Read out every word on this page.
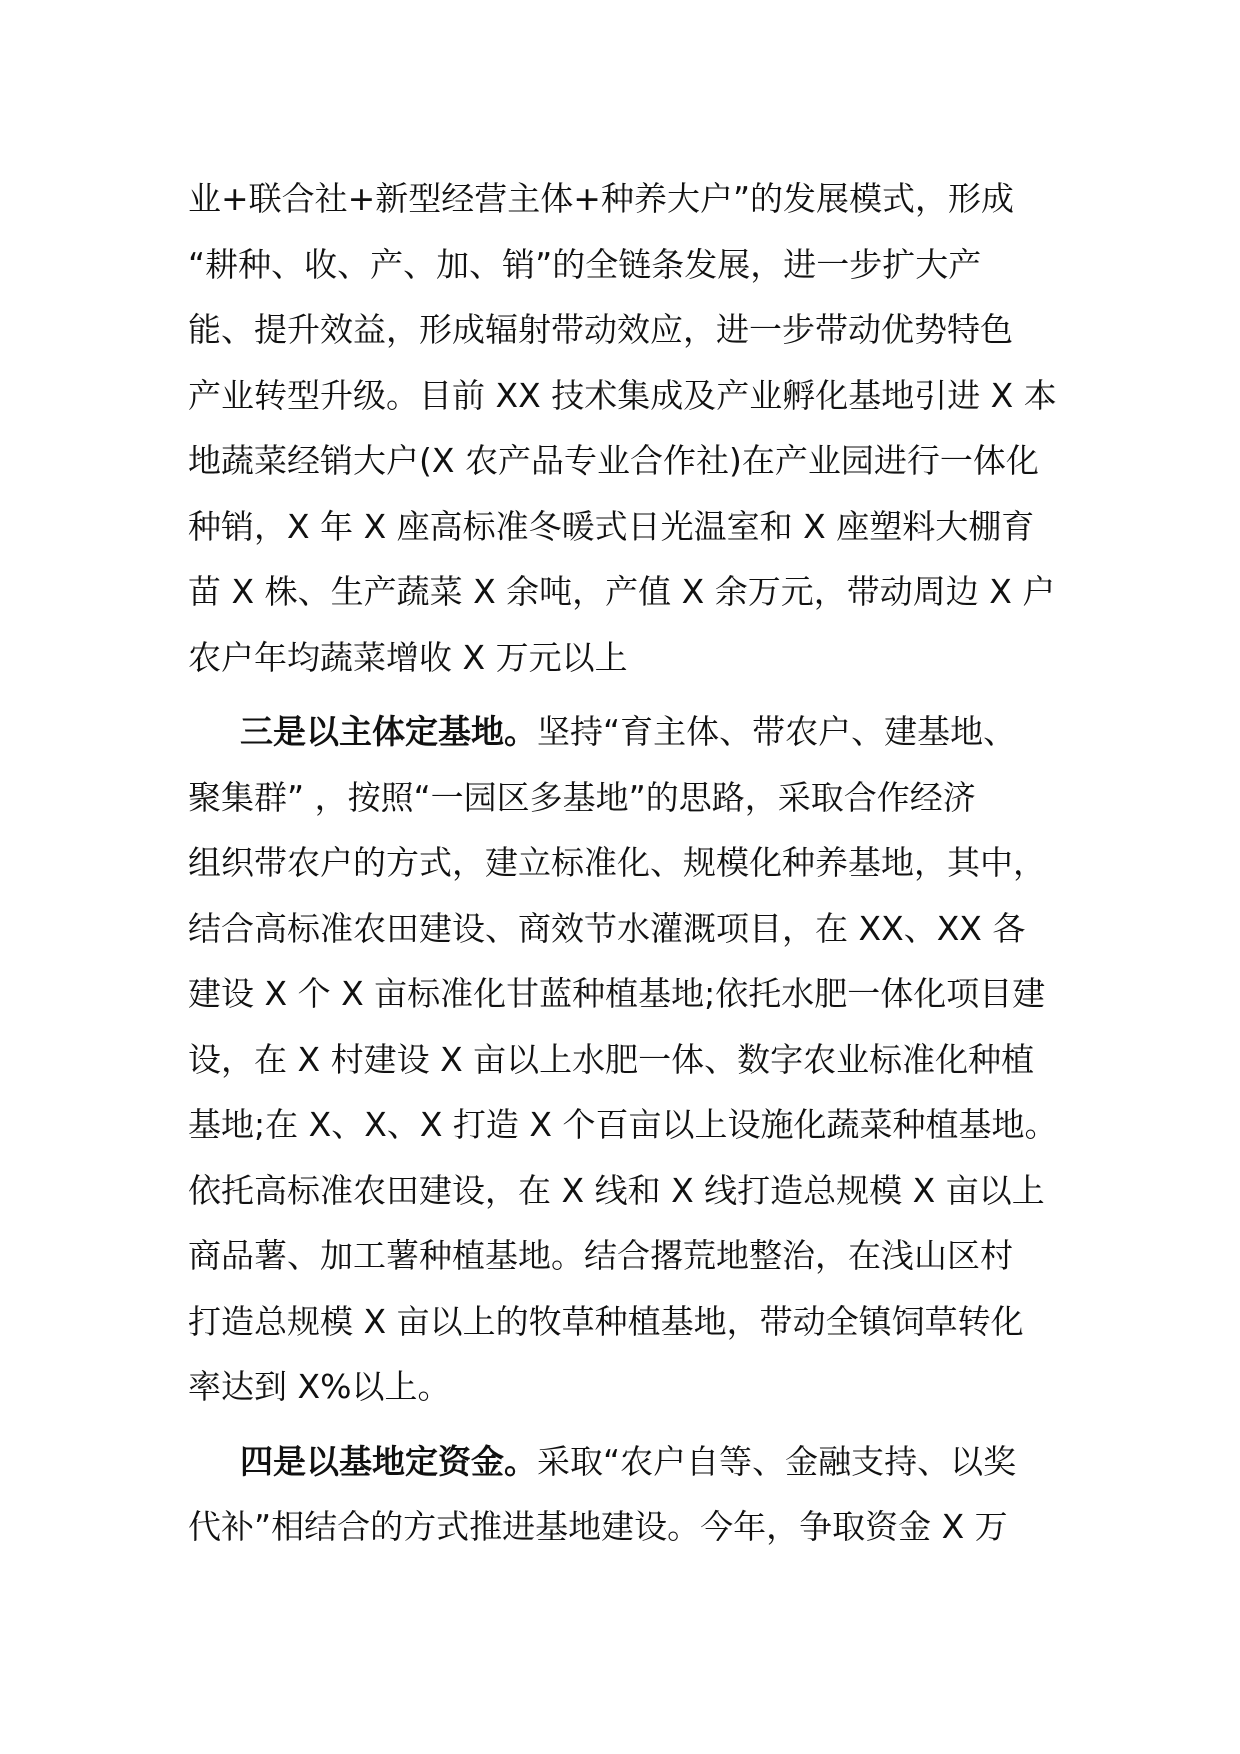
业+联合社+新型经营主体+种养大户”的发展模式，形成
“耕种、收、产、加、销”的全链条发展，进一步扩大产
能、提升效益，形成辐射带动效应，进一步带动优势特色
产业转型升级。目前 XX 技术集成及产业孵化基地引进 X 本
地蔬菜经销大户(X 农产品专业合作社)在产业园进行一体化
种销，X 年 X 座高标准冬暖式日光温室和 X 座塑料大棚育
苗 X 株、生产蔬菜 X 余吨，产值 X 余万元，带动周边 X 户
农户年均蔬菜增收 X 万元以上
三是以主体定基地。坚持“育主体、带农户、建基地、
聚集群” ，按照“一园区多基地”的思路，采取合作经济
组织带农户的方式，建立标准化、规模化种养基地，其中，
结合高标准农田建设、商效节水灌溉项目，在 XX、XX 各
建设 X 个 X 亩标准化甘蓝种植基地;依托水肥一体化项目建
设，在 X 村建设 X 亩以上水肥一体、数字农业标准化种植
基地;在 X、X、X 打造 X 个百亩以上设施化蔬菜种植基地。
依托高标准农田建设，在 X 线和 X 线打造总规模 X 亩以上
商品薯、加工薯种植基地。结合撂荒地整治，在浅山区村
打造总规模 X 亩以上的牧草种植基地，带动全镇饲草转化
率达到 X%以上。
四是以基地定资金。采取“农户自等、金融支持、以奖
代补”相结合的方式推进基地建设。今年，争取资金 X 万
